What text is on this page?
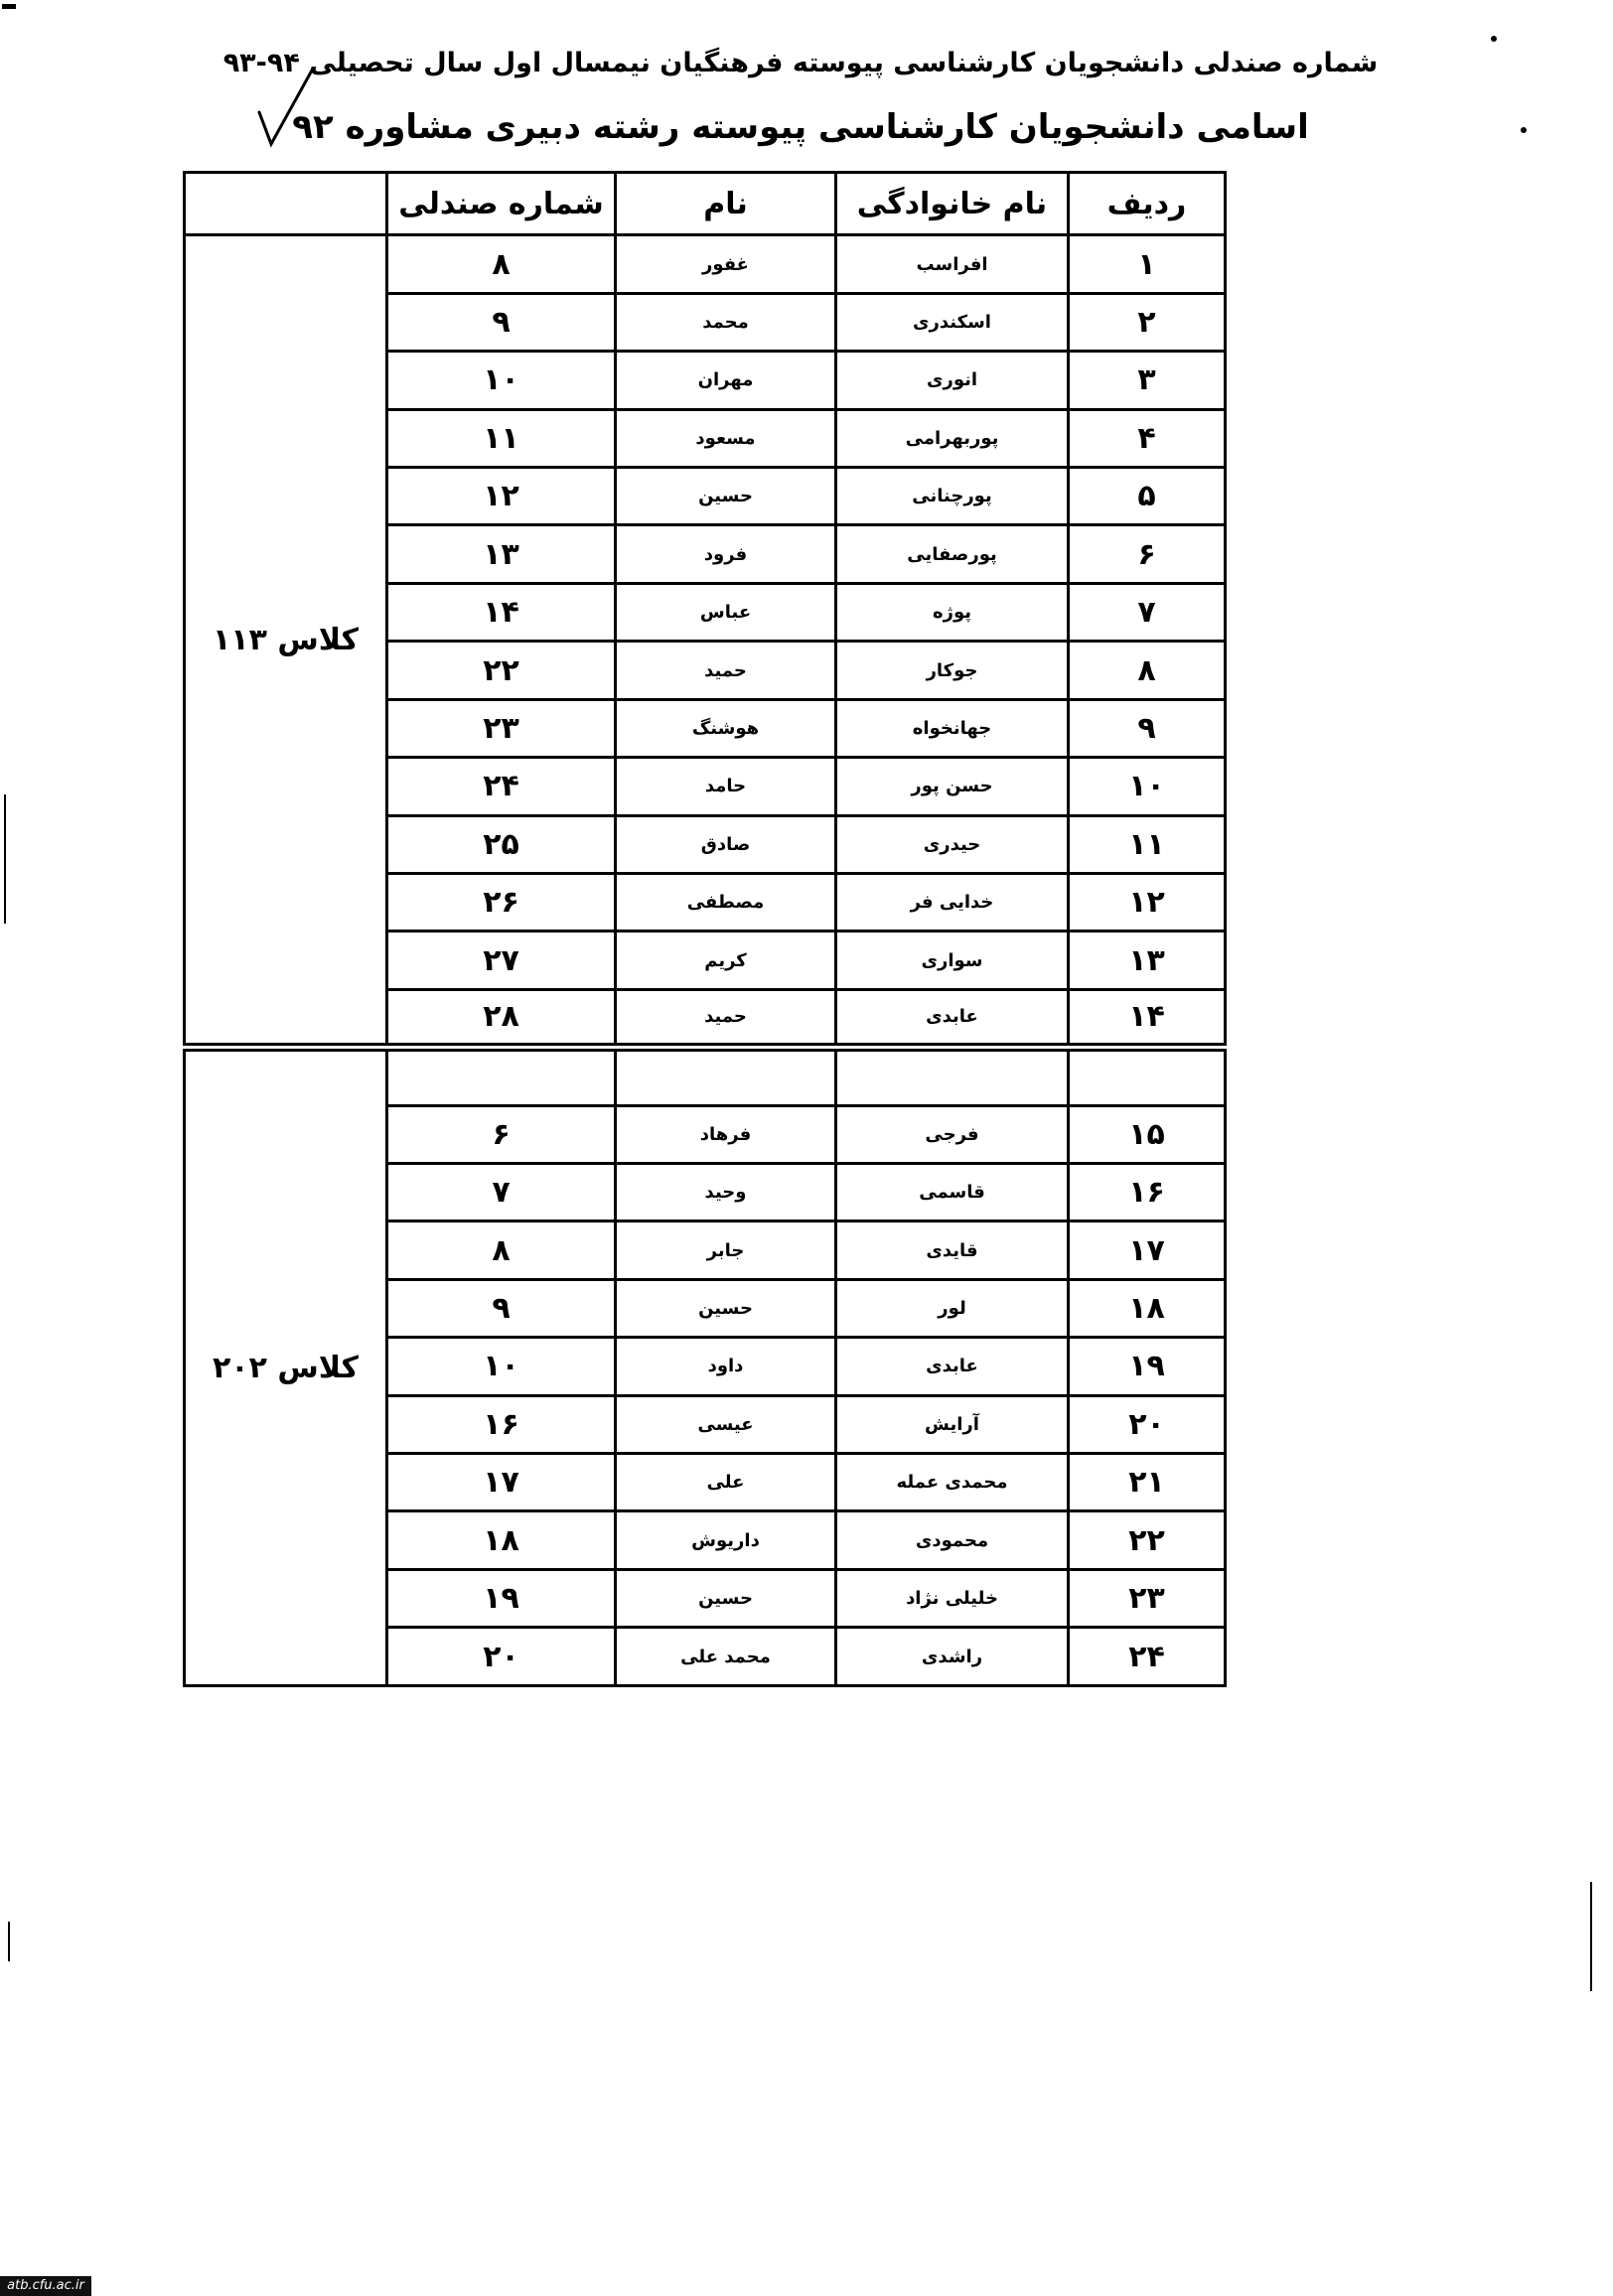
شماره صندلی دانشجویان کارشناسی پیوسته فرهنگیان نیمسال اول سال تحصیلی ۹۴-۹۳
اسامی دانشجویان کارشناسی پیوسته رشته دبیری مشاوره ۹۲
	شماره صندلی	نام	نام خانوادگی	ردیف
کلاس ۱۱۳	۸	غفور	افراسب	۱
	۹	محمد	اسکندری	۲
	۱۰	مهران	انوری	۳
	۱۱	مسعود	پوربهرامی	۴
	۱۲	حسین	پورچنانی	۵
	۱۳	فرود	پورصفایی	۶
	۱۴	عباس	پوژه	۷
	۲۲	حمید	جوکار	۸
	۲۳	هوشنگ	جهانخواه	۹
	۲۴	حامد	حسن پور	۱۰
	۲۵	صادق	حیدری	۱۱
	۲۶	مصطفی	خدایی فر	۱۲
	۲۷	کریم	سواری	۱۳
	۲۸	حمید	عابدی	۱۴
کلاس ۲۰۲				
	۶	فرهاد	فرجی	۱۵
	۷	وحید	قاسمی	۱۶
	۸	جابر	قایدی	۱۷
	۹	حسین	لور	۱۸
	۱۰	داود	عابدی	۱۹
	۱۶	عیسی	آرایش	۲۰
	۱۷	علی	محمدی عمله	۲۱
	۱۸	داریوش	محمودی	۲۲
	۱۹	حسین	خلیلی نژاد	۲۳
	۲۰	محمد علی	راشدی	۲۴
atb.cfu.ac.ir
